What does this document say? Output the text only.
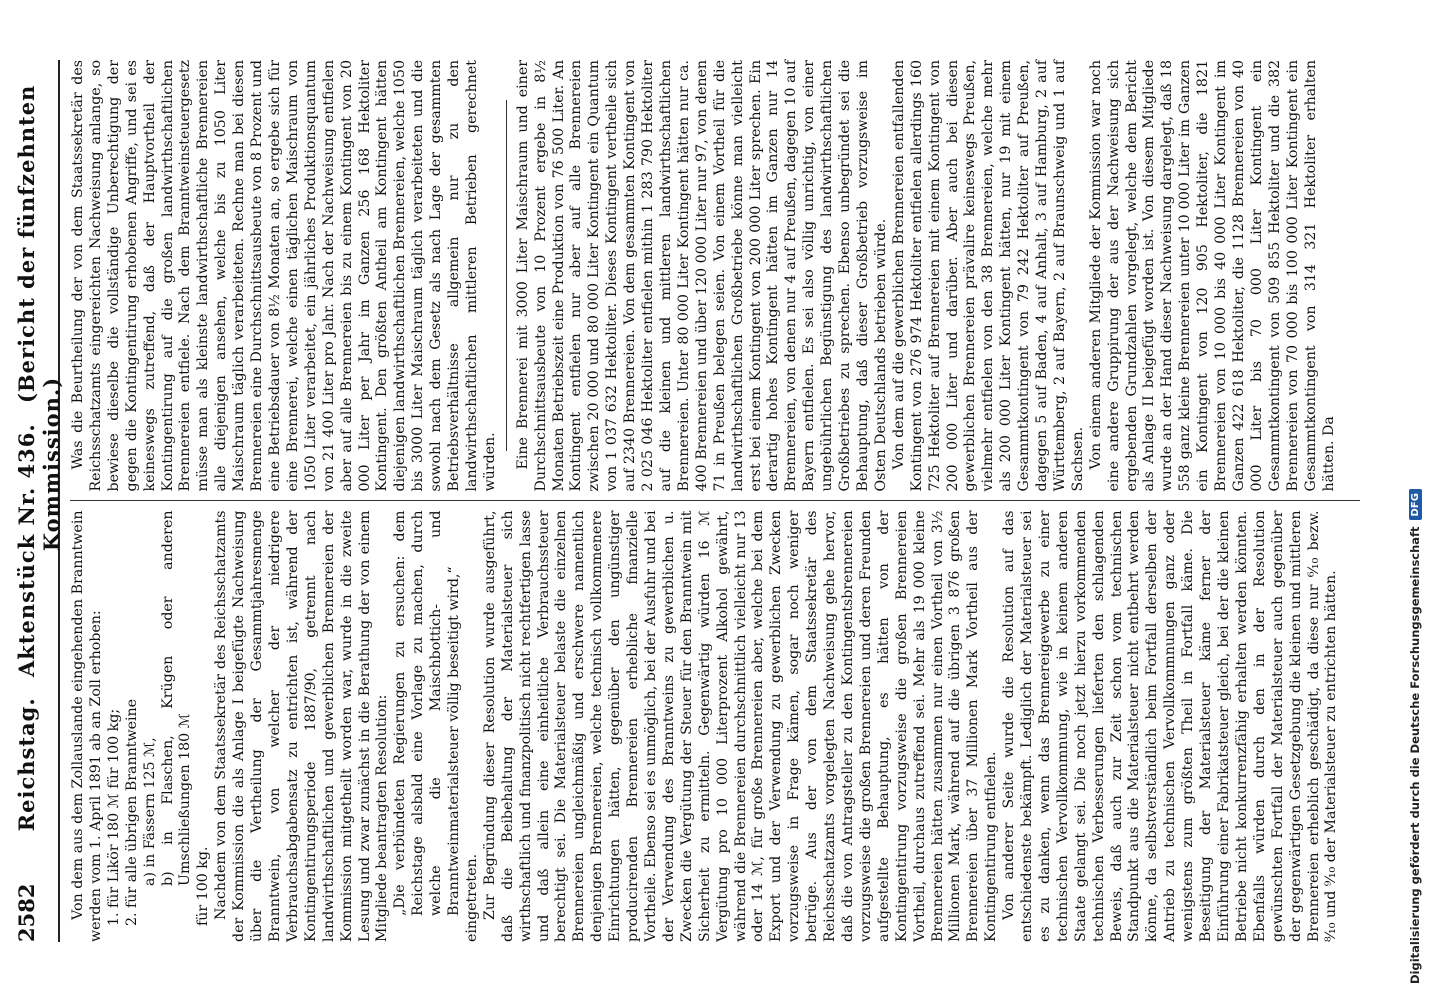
2582
Reichstag. Aktenstück Nr. 436. (Bericht der fünfzehnten Kommission.)

Von dem aus dem Zollauslande eingehenden Branntwein werden vom 1. April 1891 ab an Zoll erhoben: 1. für Likör 180 ℳ für 100 kg; 2. für alle übrigen Branntweine a) in Fässern 125 ℳ, b) in Flaschen, Krügen oder anderen Umschließungen 180 ℳ
für 100 kg. Nachdem von dem Staatssekretär des Reichsschatzamts der Kommission die als Anlage I beigefügte Nachweisung über die Vertheilung der Gesammtjahresmenge Branntwein, von welcher der niedrigere Verbrauchsabgabensatz zu entrichten ist, während der Kontingentirungsperiode 1887/90, getrennt nach landwirthschaftlichen und gewerblichen Brennereien der Kommission mitgetheilt worden war, wurde in die zweite Lesung und zwar zunächst in die Berathung der von einem Mitgliede beantragten Resolution: „Die verbündeten Regierungen zu ersuchen: dem Reichstage alsbald eine Vorlage zu machen, durch welche die Maischbottich- und Branntweinmaterialsteuer völlig beseitigt wird,“ eingetreten. Zur Begründung dieser Resolution wurde ausgeführt, daß die Beibehaltung der Materialsteuer sich wirthschaftlich und finanzpolitisch nicht rechtfertigen lasse und daß allein eine einheitliche Verbrauchssteuer berechtigt sei. Die Materialsteuer belaste die einzelnen Brennereien ungleichmäßig und erschwere namentlich denjenigen Brennereien, welche technisch vollkommenere Einrichtungen hätten, gegenüber den ungünstiger producirenden Brennereien erhebliche finanzielle Vortheile. Ebenso sei es unmöglich, bei der Ausfuhr und bei der Verwendung des Branntweins zu gewerblichen u. Zwecken die Vergütung der Steuer für den Branntwein mit Sicherheit zu ermitteln. Gegenwärtig würden 16 ℳ Vergütung pro 10 000 Literprozent Alkohol gewährt, während die Brennereien durchschnittlich vielleicht nur 13 oder 14 ℳ, für große Brennereien aber, welche bei dem Export und der Verwendung zu gewerblichen Zwecken vorzugsweise in Frage kämen, sogar noch weniger betrüge. Aus der von dem Staatssekretär des Reichsschatzamts vorgelegten Nachweisung gehe hervor, daß die von Antragsteller zu den Kontingentsbrennereien vorzugsweise die großen Brennereien und deren Freunden aufgestellte Behauptung, es hätten von der Kontingentirung vorzugsweise die großen Brennereien Vortheil, durchaus zutreffend sei. Mehr als 19 000 kleine Brennereien hätten zusammen nur einen Vortheil von 3½ Millionen Mark, während auf die übrigen 3 876 großen Brennereien über 37 Millionen Mark Vortheil aus der Kontingentirung entfielen. Von anderer Seite wurde die Resolution auf das entschiedenste bekämpft. Lediglich der Materialsteuer sei es zu danken, wenn das Brennereigewerbe zu einer technischen Vervollkommnung, wie in keinem anderen Staate gelangt sei. Die noch jetzt hierzu vorkommenden technischen Verbesserungen lieferten den schlagenden Beweis, daß auch zur Zeit schon vom technischen Standpunkt aus die Materialsteuer nicht entbehrt werden könne, da selbstverständlich beim Fortfall derselben der Antrieb zu technischen Vervollkommnungen ganz oder wenigstens zum größten Theil in Fortfall käme. Die Beseitigung der Materialsteuer käme ferner der Einführung einer Fabrikatsteuer gleich, bei der die kleinen Betriebe nicht konkurrenzfähig erhalten werden könnten. Ebenfalls würden durch den in der Resolution gewünschten Fortfall der Materialsteuer auch gegenüber der gegenwärtigen Gesetzgebung die kleinen und mittleren Brennereien erheblich geschädigt, da diese nur ⁶⁄₁₀ bezw. ⁸⁄₁₀ und ⁹⁄₁₀ der Materialsteuer zu entrichten hätten.

Was die Beurtheilung der von dem Staatssekretär des Reichsschatzamts eingereichten Nachweisung anlange, so bewiese dieselbe die vollständige Unberechtigung der gegen die Kontingentirung erhobenen Angriffe, und sei es keineswegs zutreffend, daß der Hauptvortheil der Kontingentirung auf die großen landwirthschaftlichen Brennereien entfiele. Nach dem Branntweinsteuergesetz müsse man als kleinste landwirthschaftliche Brennereien alle diejenigen ansehen, welche bis zu 1050 Liter Maischraum täglich verarbeiteten. Rechne man bei diesen Brennereien eine Durchschnittsausbeute von 8 Prozent und eine Betriebsdauer von 8½ Monaten an, so ergebe sich für eine Brennerei, welche einen täglichen Maischraum von 1050 Liter verarbeitet, ein jährliches Produktionsquantum von 21 400 Liter pro Jahr. Nach der Nachweisung entfielen aber auf alle Brennereien bis zu einem Kontingent von 20 000 Liter per Jahr im Ganzen 256 168 Hektoliter Kontingent. Den größten Antheil am Kontingent hätten diejenigen landwirthschaftlichen Brennereien, welche 1050 bis 3000 Liter Maischraum täglich verarbeiteten und die sowohl nach dem Gesetz als nach Lage der gesammten Betriebsverhältnisse allgemein nur zu den landwirthschaftlichen mittleren Betrieben gerechnet würden. Eine Brennerei mit 3000 Liter Maischraum und einer Durchschnittsausbeute von 10 Prozent ergebe in 8½ Monaten Betriebszeit eine Produktion von 76 500 Liter. An Kontingent entfielen nur aber auf alle Brennereien zwischen 20 000 und 80 000 Liter Kontingent ein Quantum von 1 037 632 Hektoliter. Dieses Kontingent vertheile sich auf 2340 Brennereien. Von dem gesammten Kontingent von 2 025 046 Hektoliter entfielen mithin 1 283 790 Hektoliter auf die kleinen und mittleren landwirthschaftlichen Brennereien. Unter 80 000 Liter Kontingent hätten nur ca. 400 Brennereien und über 120 000 Liter nur 97, von denen 71 in Preußen belegen seien. Von einem Vortheil für die landwirthschaftlichen Großbetriebe könne man vielleicht erst bei einem Kontingent von 200 000 Liter sprechen. Ein derartig hohes Kontingent hätten im Ganzen nur 14 Brennereien, von denen nur 4 auf Preußen, dagegen 10 auf Bayern entfielen. Es sei also völlig unrichtig, von einer ungebührlichen Begünstigung des landwirthschaftlichen Großbetriebes zu sprechen. Ebenso unbegründet sei die Behauptung, daß dieser Großbetrieb vorzugsweise im Osten Deutschlands betrieben würde. Von dem auf die gewerblichen Brennereien entfallenden Kontingent von 276 974 Hektoliter entfielen allerdings 160 725 Hektoliter auf Brennereien mit einem Kontingent von 200 000 Liter und darüber. Aber auch bei diesen gewerblichen Brennereien prävalire keineswegs Preußen, vielmehr entfielen von den 38 Brennereien, welche mehr als 200 000 Liter Kontingent hätten, nur 19 mit einem Gesammtkontingent von 79 242 Hektoliter auf Preußen, dagegen 5 auf Baden, 4 auf Anhalt, 3 auf Hamburg, 2 auf Württemberg, 2 auf Bayern, 2 auf Braunschweig und 1 auf Sachsen. Von einem anderen Mitgliede der Kommission war noch eine andere Gruppirung der aus der Nachweisung sich ergebenden Grundzahlen vorgelegt, welche dem Bericht als Anlage II beigefügt worden ist. Von diesem Mitgliede wurde an der Hand dieser Nachweisung dargelegt, daß 18 558 ganz kleine Brennereien unter 10 000 Liter im Ganzen ein Kontingent von 120 905 Hektoliter, die 1821 Brennereien von 10 000 bis 40 000 Liter Kontingent im Ganzen 422 618 Hektoliter, die 1128 Brennereien von 40 000 Liter bis 70 000 Liter Kontingent ein Gesammtkontingent von 509 855 Hektoliter und die 382 Brennereien von 70 000 bis 100 000 Liter Kontingent ein Gesammtkontingent von 314 321 Hektoliter erhalten hätten. Da

Digitalisierung gefördert durch die Deutsche Forschungsgemeinschaft
DFG
